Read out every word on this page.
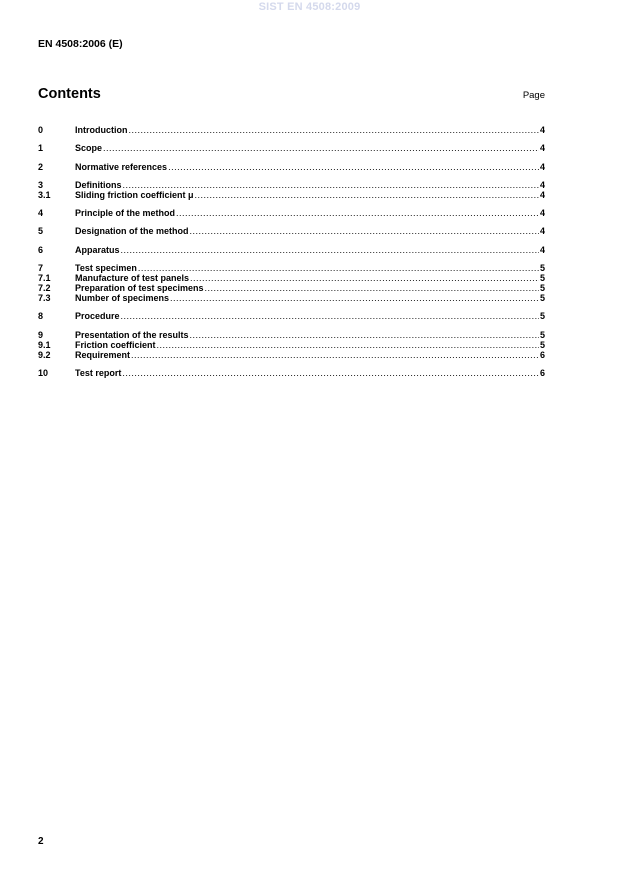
SIST EN 4508:2009
EN 4508:2006 (E)
Contents	Page
0	Introduction .....	4
1	Scope .....	4
2	Normative references .....	4
3	Definitions .....	4
3.1	Sliding friction coefficient μ .....	4
4	Principle of the method .....	4
5	Designation of the method .....	4
6	Apparatus .....	4
7	Test specimen .....	5
7.1	Manufacture of test panels .....	5
7.2	Preparation of test specimens .....	5
7.3	Number of specimens .....	5
8	Procedure .....	5
9	Presentation of the results .....	5
9.1	Friction coefficient .....	5
9.2	Requirement .....	6
10	Test report .....	6
2
